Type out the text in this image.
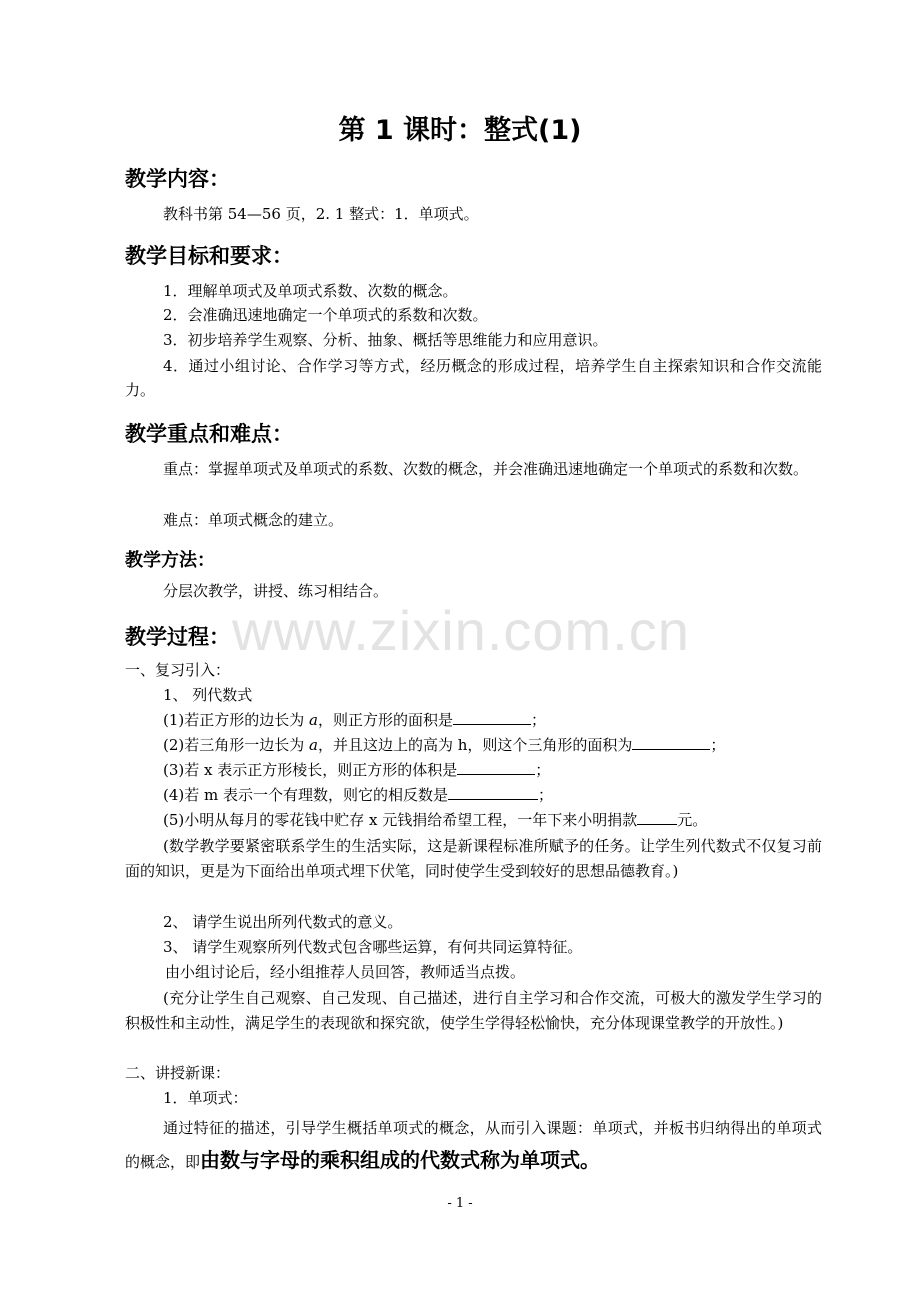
www.zixin.com.cn
第 1 课时：整式(1)
教学内容：
教科书第 54—56 页，2. 1 整式：1．单项式。
教学目标和要求：
1．理解单项式及单项式系数、次数的概念。
2．会准确迅速地确定一个单项式的系数和次数。
3．初步培养学生观察、分析、抽象、概括等思维能力和应用意识。
4．通过小组讨论、合作学习等方式，经历概念的形成过程，培养学生自主探索知识和合作交流能力。
教学重点和难点：
重点：掌握单项式及单项式的系数、次数的概念，并会准确迅速地确定一个单项式的系数和次数。
难点：单项式概念的建立。
教学方法：
分层次教学，讲授、练习相结合。
教学过程：
一、复习引入：
1、 列代数式
(1)若正方形的边长为 a，则正方形的面积是	；
(2)若三角形一边长为 a，并且这边上的高为 h，则这个三角形的面积为	；
(3)若 x 表示正方形棱长，则正方形的体积是	；
(4)若 m 表示一个有理数，则它的相反数是	；
(5)小明从每月的零花钱中贮存 x 元钱捐给希望工程，一年下来小明捐款	元。
(数学教学要紧密联系学生的生活实际，这是新课程标准所赋予的任务。让学生列代数式不仅复习前面的知识，更是为下面给出单项式埋下伏笔，同时使学生受到较好的思想品德教育。)
2、 请学生说出所列代数式的意义。
3、 请学生观察所列代数式包含哪些运算，有何共同运算特征。
由小组讨论后，经小组推荐人员回答，教师适当点拨。
(充分让学生自己观察、自己发现、自己描述，进行自主学习和合作交流，可极大的激发学生学习的积极性和主动性，满足学生的表现欲和探究欲，使学生学得轻松愉快，充分体现课堂教学的开放性。)
二、讲授新课：
1．单项式：
通过特征的描述，引导学生概括单项式的概念，从而引入课题：单项式，并板书归纳得出的单项式的概念，即由数与字母的乘积组成的代数式称为单项式。
- 1 -
